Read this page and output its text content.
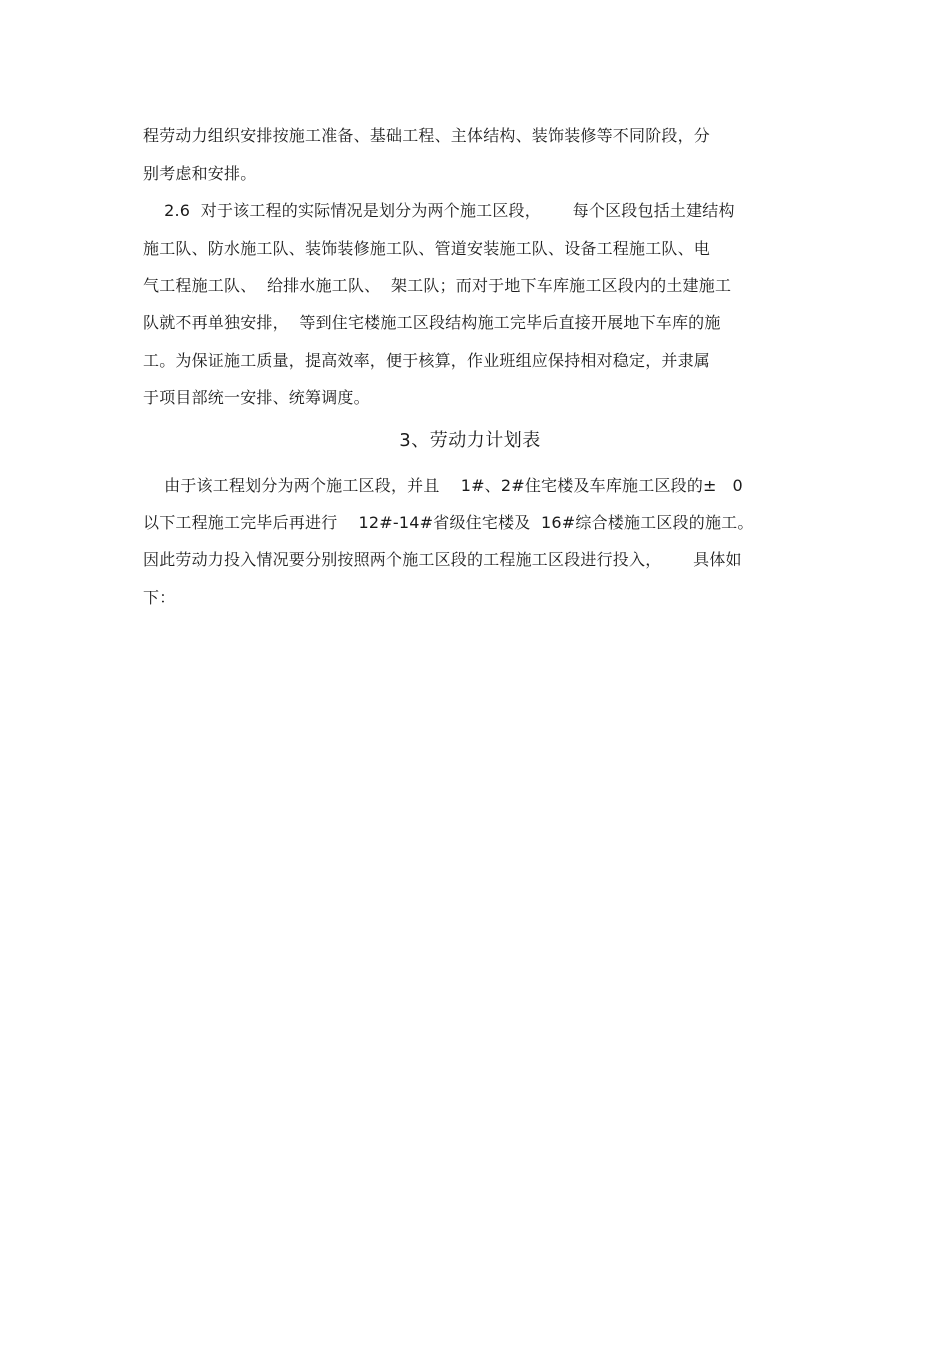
程劳动力组织安排按施工准备、基础工程、主体结构、装饰装修等不同阶段，分
别考虑和安排。
2.6  对于该工程的实际情况是划分为两个施工区段，      每个区段包括土建结构
施工队、防水施工队、装饰装修施工队、管道安装施工队、设备工程施工队、电
气工程施工队、  给排水施工队、  架工队；而对于地下车库施工区段内的土建施工
队就不再单独安排，  等到住宅楼施工区段结构施工完毕后直接开展地下车库的施
工。为保证施工质量，提高效率，便于核算，作业班组应保持相对稳定，并隶属
于项目部统一安排、统筹调度。
3、劳动力计划表
由于该工程划分为两个施工区段，并且    1#、2#住宅楼及车库施工区段的±   0
以下工程施工完毕后再进行    12#-14#省级住宅楼及  16#综合楼施工区段的施工。
因此劳动力投入情况要分别按照两个施工区段的工程施工区段进行投入，      具体如
下：
